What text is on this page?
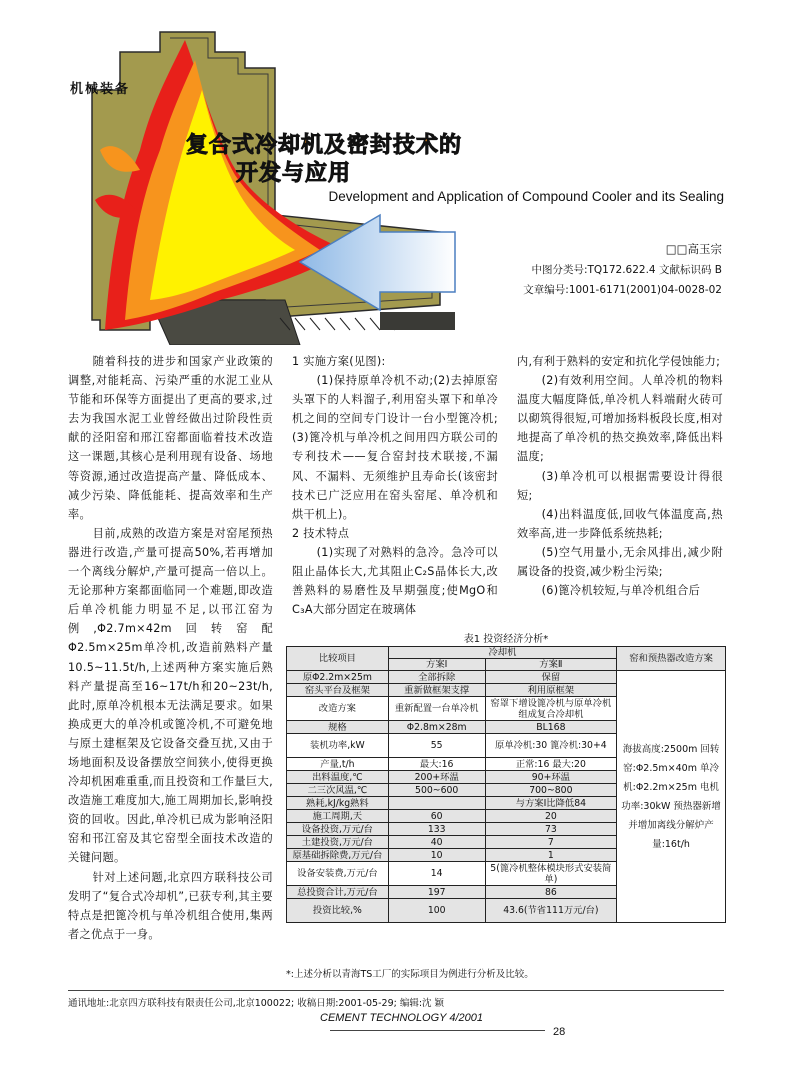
机械装备
复合式冷却机及密封技术的
开发与应用
Development and Application of Compound Cooler and its Sealing
□□高玉宗
中图分类号:TQ172.622.4 文献标识码 B
文章编号:1001-6171(2001)04-0028-02

随着科技的进步和国家产业政策的调整,对能耗高、污染严重的水泥工业从节能和环保等方面提出了更高的要求,过去为我国水泥工业曾经做出过阶段性贡献的泾阳窑和邢江窑都面临着技术改造这一课题,其核心是利用现有设备、场地等资源,通过改造提高产量、降低成本、减少污染、降低能耗、提高效率和生产率。

目前,成熟的改造方案是对窑尾预热器进行改造,产量可提高50%,若再增加一个离线分解炉,产量可提高一倍以上。无论那种方案都面临同一个难题,即改造后单冷机能力明显不足,以邗江窑为例,Φ2.7m×42m回转窑配Φ2.5m×25m单冷机,改造前熟料产量10.5~11.5t/h,上述两种方案实施后熟料产量提高至16~17t/h和20~23t/h,此时,原单冷机根本无法满足要求。如果换成更大的单冷机或篦冷机,不可避免地与原土建框架及它设备交叠互扰,又由于场地面积及设备摆放空间狭小,使得更换冷却机困难重重,而且投资和工作量巨大,改造施工难度加大,施工周期加长,影响投资的回收。因此,单冷机已成为影响泾阳窑和邗江窑及其它窑型全面技术改造的关键问题。

针对上述问题,北京四方联科技公司发明了“复合式冷却机”,已获专利,其主要特点是把篦冷机与单冷机组合使用,集两者之优点于一身。

1 实施方案(见图):

(1)保持原单冷机不动;(2)去掉原窑头罩下的人料溜子,利用窑头罩下和单冷机之间的空间专门设计一台小型篦冷机;(3)篦冷机与单冷机之间用四方联公司的专利技术——复合窑封技术联接,不漏风、不漏料、无须维护且寿命长(该密封技术已广泛应用在窑头窑尾、单冷机和烘干机上)。

2 技术特点

(1)实现了对熟料的急冷。急冷可以阻止晶体长大,尤其阻止C₂S晶体长大,改善熟料的易磨性及早期强度;使MgO和C₃A大部分固定在玻璃体

内,有利于熟料的安定和抗化学侵蚀能力;

(2)有效利用空间。人单冷机的物料温度大幅度降低,单冷机人料端耐火砖可以砌筑得很短,可增加扬料板段长度,相对地提高了单冷机的热交换效率,降低出料温度;

(3)单冷机可以根据需要设计得很短;

(4)出料温度低,回收气体温度高,热效率高,进一步降低系统热耗;

(5)空气用量小,无余风排出,减少附属设备的投资,减少粉尘污染;

(6)篦冷机较短,与单冷机组合后

表1 投资经济分析*
比较项目	冷却机		窑和预热器改造方案
	方案Ⅰ	方案Ⅱ	
原Φ2.2m×25m	全部拆除	保留	海拔高度:2500m 回转窑:Φ2.5m×40m 单冷机:Φ2.2m×25m 电机功率:30kW 预热器新增并增加离线分解炉产量:16t/h
窑头平台及框架	重新做框架支撑	利用原框架	
改造方案	重新配置一台单冷机	窑罩下增设篦冷机与原单冷机组成复合冷却机	
规格	Φ2.8m×28m	BL168	
装机功率,kW	55	原单冷机:30 篦冷机:30+4	
产量,t/h	最大:16	正常:16 最大:20	
出料温度,℃	200+环温	90+环温	
二三次风温,℃	500~600	700~800	
熟耗,kJ/kg熟料		与方案Ⅰ比降低84	
施工周期,天	60	20	
设备投资,万元/台	133	73	
土建投资,万元/台	40	7	
原基础拆除费,万元/台	10	1	
设备安装费,万元/台	14	5(篦冷机整体模块形式安装简单)	
总投资合计,万元/台	197	86	
投资比较,%	100	43.6(节省111万元/台)	
*:上述分析以青海TS工厂的实际项目为例进行分析及比较。
通讯地址:北京四方联科技有限责任公司,北京100022; 收稿日期:2001-05-29; 编辑:沈 颖
CEMENT TECHNOLOGY 4/2001
28
